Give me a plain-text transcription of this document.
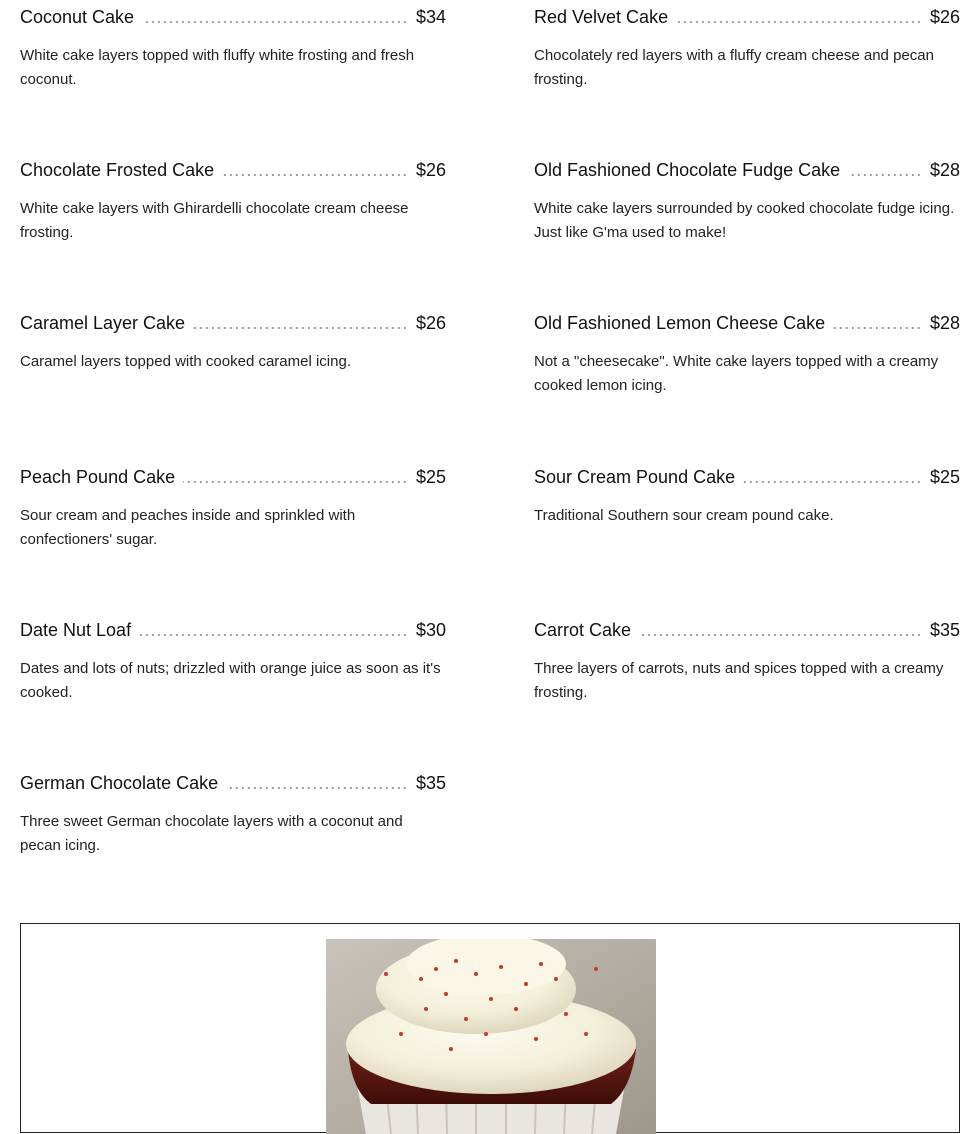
Coconut Cake	$34
White cake layers topped with fluffy white frosting and fresh coconut.
Red Velvet Cake	$26
Chocolately red layers with a fluffy cream cheese and pecan frosting.
Chocolate Frosted Cake	$26
White cake layers with Ghirardelli chocolate cream cheese frosting.
Old Fashioned Chocolate Fudge Cake	$28
White cake layers surrounded by cooked chocolate fudge icing. Just like G'ma used to make!
Caramel Layer Cake	$26
Caramel layers topped with cooked caramel icing.
Old Fashioned Lemon Cheese Cake	$28
Not a "cheesecake". White cake layers topped with a creamy cooked lemon icing.
Peach Pound Cake	$25
Sour cream and peaches inside and sprinkled with confectioners' sugar.
Sour Cream Pound Cake	$25
Traditional Southern sour cream pound cake.
Date Nut Loaf	$30
Dates and lots of nuts; drizzled with orange juice as soon as it's cooked.
Carrot Cake	$35
Three layers of carrots, nuts and spices topped with a creamy frosting.
German Chocolate Cake	$35
Three sweet German chocolate layers with a coconut and pecan icing.
